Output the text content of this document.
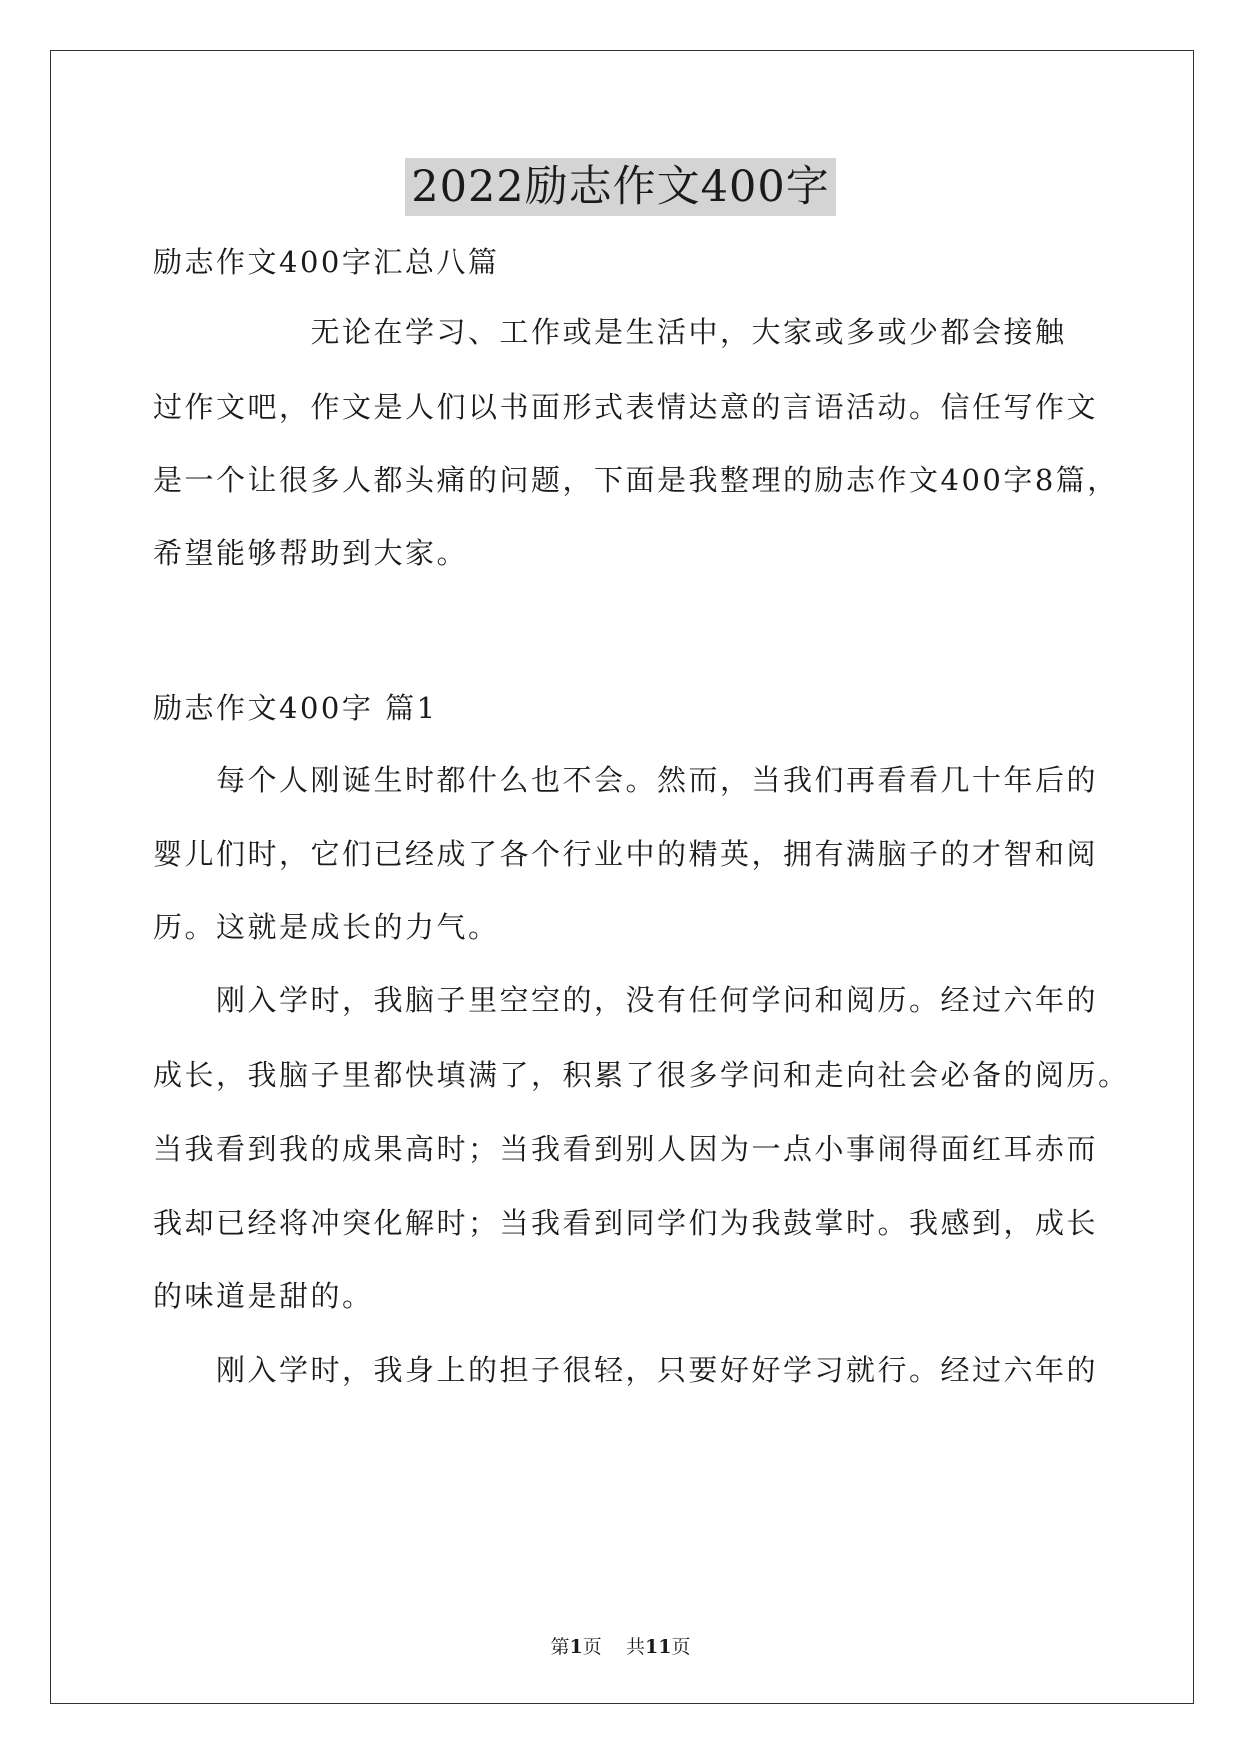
2022励志作文400字
励志作文400字汇总八篇
　　　　　无论在学习、工作或是生活中，大家或多或少都会接触
过作文吧，作文是人们以书面形式表情达意的言语活动。信任写作文
是一个让很多人都头痛的问题，下面是我整理的励志作文400字8篇，
希望能够帮助到大家。
励志作文400字 篇1
　　每个人刚诞生时都什么也不会。然而，当我们再看看几十年后的
婴儿们时，它们已经成了各个行业中的精英，拥有满脑子的才智和阅
历。这就是成长的力气。
　　刚入学时，我脑子里空空的，没有任何学问和阅历。经过六年的
成长，我脑子里都快填满了，积累了很多学问和走向社会必备的阅历。
当我看到我的成果高时；当我看到别人因为一点小事闹得面红耳赤而
我却已经将冲突化解时；当我看到同学们为我鼓掌时。我感到，成长
的味道是甜的。
　　刚入学时，我身上的担子很轻，只要好好学习就行。经过六年的
第1页 共11页
